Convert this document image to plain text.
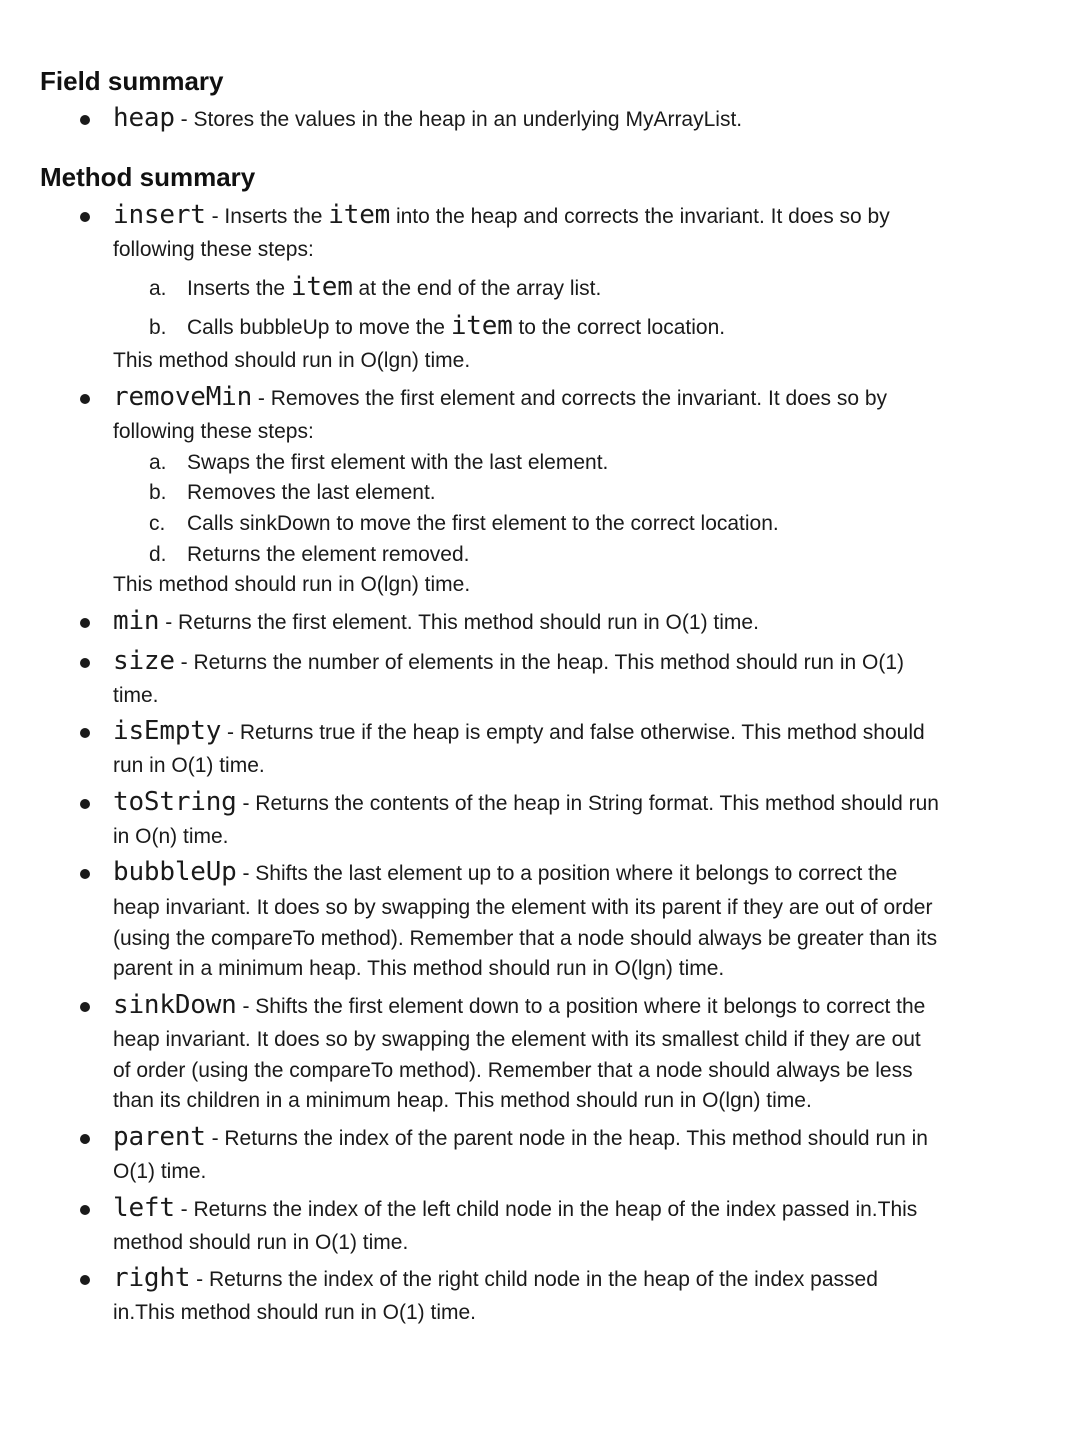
Field summary
heap - Stores the values in the heap in an underlying MyArrayList.
Method summary
insert - Inserts the item into the heap and corrects the invariant. It does so by
following these steps:
a. Inserts the item at the end of the array list.
b. Calls bubbleUp to move the item to the correct location.
This method should run in O(lgn) time.
removeMin - Removes the first element and corrects the invariant. It does so by
following these steps:
a. Swaps the first element with the last element.
b. Removes the last element.
c. Calls sinkDown to move the first element to the correct location.
d. Returns the element removed.
This method should run in O(lgn) time.
min - Returns the first element. This method should run in O(1) time.
size - Returns the number of elements in the heap. This method should run in O(1)
time.
isEmpty - Returns true if the heap is empty and false otherwise. This method should
run in O(1) time.
toString - Returns the contents of the heap in String format. This method should run
in O(n) time.
bubbleUp - Shifts the last element up to a position where it belongs to correct the
heap invariant. It does so by swapping the element with its parent if they are out of order
(using the compareTo method). Remember that a node should always be greater than its
parent in a minimum heap. This method should run in O(lgn) time.
sinkDown - Shifts the first element down to a position where it belongs to correct the
heap invariant. It does so by swapping the element with its smallest child if they are out
of order (using the compareTo method). Remember that a node should always be less
than its children in a minimum heap. This method should run in O(lgn) time.
parent - Returns the index of the parent node in the heap. This method should run in
O(1) time.
left - Returns the index of the left child node in the heap of the index passed in.This
method should run in O(1) time.
right - Returns the index of the right child node in the heap of the index passed
in.This method should run in O(1) time.
